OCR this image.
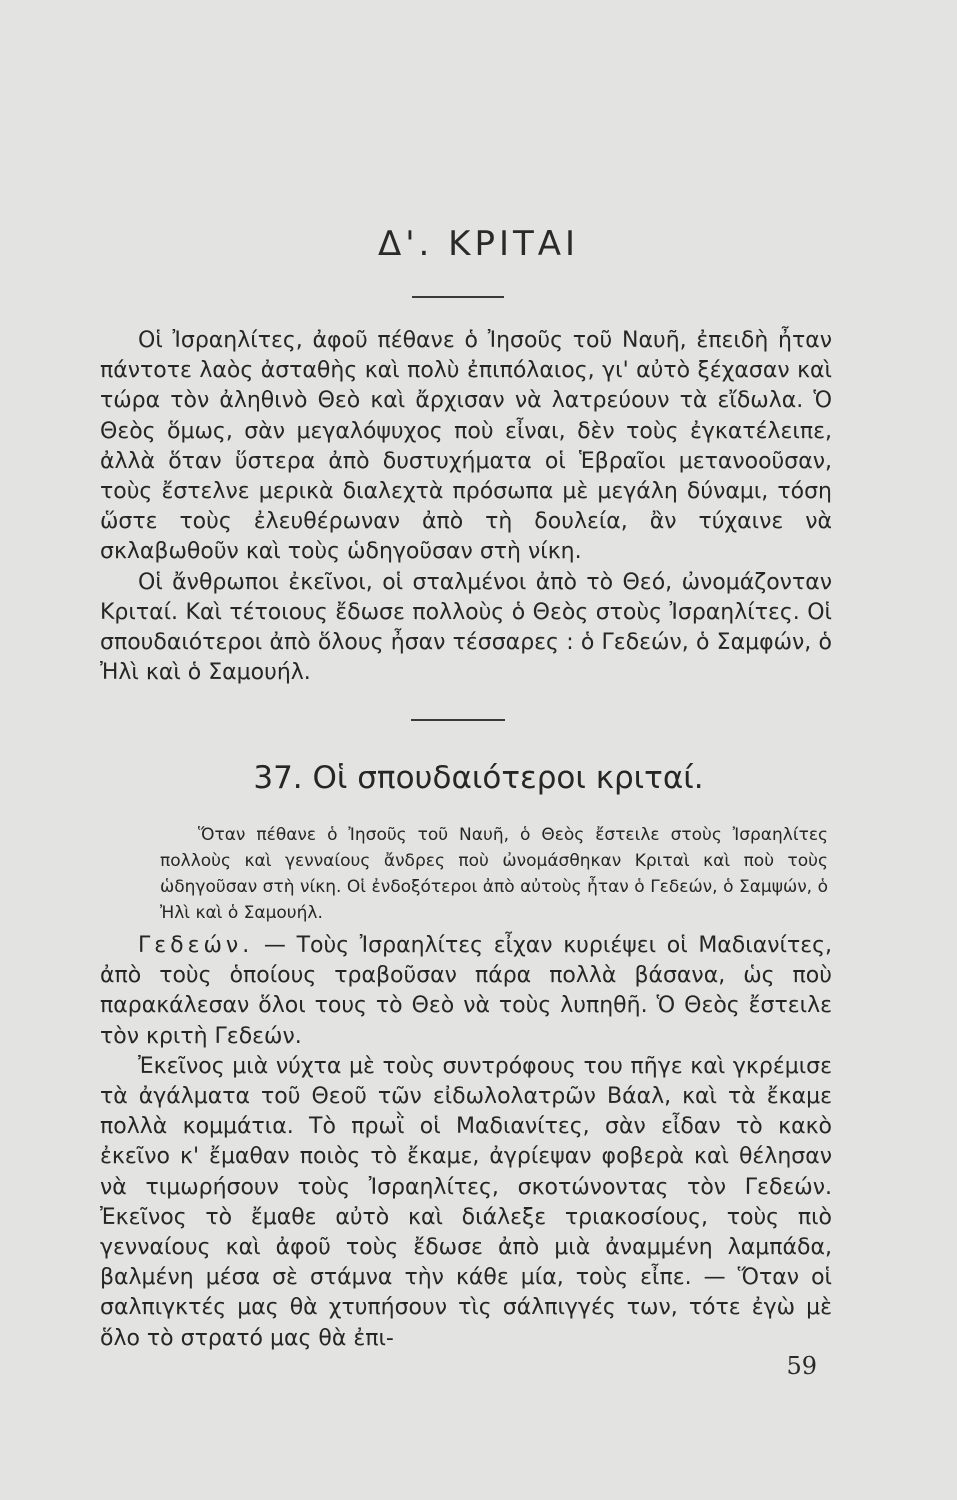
Δ'. ΚΡΙΤΑΙ

Οἱ Ἰσραηλίτες, ἀφοῦ πέθανε ὁ Ἰησοῦς τοῦ Ναυῆ, ἐπειδὴ ἦταν πάντοτε λαὸς ἀσταθὴς καὶ πολὺ ἐπιπόλαιος, γι' αὐτὸ ξέχασαν καὶ τώρα τὸν ἀληθινὸ Θεὸ καὶ ἄρχισαν νὰ λατρεύουν τὰ εἴδωλα. Ὁ Θεὸς ὅμως, σὰν μεγαλόψυχος ποὺ εἶναι, δὲν τοὺς ἐγκατέλειπε, ἀλλὰ ὅταν ὕστερα ἀπὸ δυστυχήματα οἱ Ἑβραῖοι μετανοοῦσαν, τοὺς ἔστελνε μερικὰ διαλεχτὰ πρόσωπα μὲ μεγάλη δύναμι, τόση ὥστε τοὺς ἐλευθέρωναν ἀπὸ τὴ δουλεία, ἂν τύχαινε νὰ σκλαβωθοῦν καὶ τοὺς ὡδηγοῦσαν στὴ νίκη.

Οἱ ἄνθρωποι ἐκεῖνοι, οἱ σταλμένοι ἀπὸ τὸ Θεό, ὠνομάζονταν Κριταί. Καὶ τέτοιους ἔδωσε πολλοὺς ὁ Θεὸς στοὺς Ἰσραηλίτες. Οἱ σπουδαιότεροι ἀπὸ ὅλους ἦσαν τέσσαρες : ὁ Γεδεών, ὁ Σαμφών, ὁ Ἠλὶ καὶ ὁ Σαμουήλ.

37. Οἱ σπουδαιότεροι κριταί.

Ὅταν πέθανε ὁ Ἰησοῦς τοῦ Ναυῆ, ὁ Θεὸς ἔστειλε στοὺς Ἰσραηλίτες πολλοὺς καὶ γενναίους ἄνδρες ποὺ ὠνομάσθηκαν Κριταὶ καὶ ποὺ τοὺς ὡδηγοῦσαν στὴ νίκη. Οἱ ἐνδοξότεροι ἀπὸ αὐτοὺς ἦταν ὁ Γεδεών, ὁ Σαμψών, ὁ Ἠλὶ καὶ ὁ Σαμουήλ.

Γεδεών. — Τοὺς Ἰσραηλίτες εἶχαν κυριέψει οἱ Μαδιανίτες, ἀπὸ τοὺς ὁποίους τραβοῦσαν πάρα πολλὰ βάσανα, ὡς ποὺ παρακάλεσαν ὅλοι τους τὸ Θεὸ νὰ τοὺς λυπηθῆ. Ὁ Θεὸς ἔστειλε τὸν κριτὴ Γεδεών.

Ἐκεῖνος μιὰ νύχτα μὲ τοὺς συντρόφους του πῆγε καὶ γκρέμισε τὰ ἀγάλματα τοῦ Θεοῦ τῶν εἰδωλολατρῶν Βάαλ, καὶ τὰ ἔκαμε πολλὰ κομμάτια. Τὸ πρωῒ οἱ Μαδιανίτες, σὰν εἶδαν τὸ κακὸ ἐκεῖνο κ' ἔμαθαν ποιὸς τὸ ἔκαμε, ἀγρίεψαν φοβερὰ καὶ θέλησαν νὰ τιμωρήσουν τοὺς Ἰσραηλίτες, σκοτώνοντας τὸν Γεδεών. Ἐκεῖνος τὸ ἔμαθε αὐτὸ καὶ διάλεξε τριακοσίους, τοὺς πιὸ γενναίους καὶ ἀφοῦ τοὺς ἔδωσε ἀπὸ μιὰ ἀναμμένη λαμπάδα, βαλμένη μέσα σὲ στάμνα τὴν κάθε μία, τοὺς εἶπε. — Ὅταν οἱ σαλπιγκτές μας θὰ χτυπήσουν τὶς σάλπιγγές των, τότε ἐγὼ μὲ ὅλο τὸ στρατό μας θὰ ἐπι-

59
